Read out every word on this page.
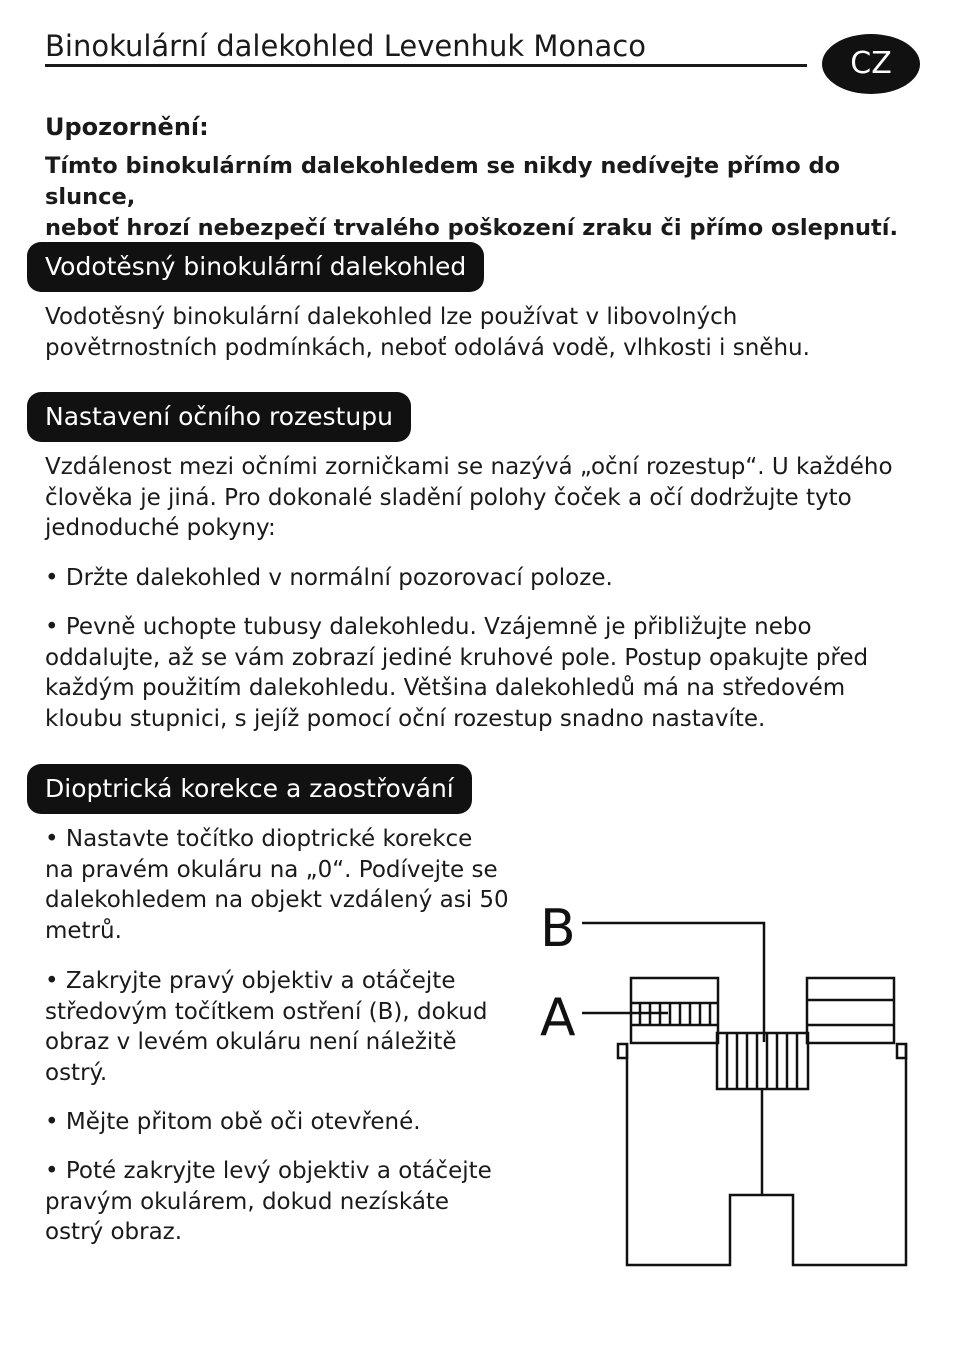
Binokulární dalekohled Levenhuk Monaco	CZ
Upozornění:
Tímto binokulárním dalekohledem se nikdy nedívejte přímo do slunce,
neboť hrozí nebezpečí trvalého poškození zraku či přímo oslepnutí.
Vodotěsný binokulární dalekohled
Vodotěsný binokulární dalekohled lze používat v libovolných
povětrnostních podmínkách, neboť odolává vodě, vlhkosti i sněhu.
Nastavení očního rozestupu
Vzdálenost mezi očními zorničkami se nazývá „oční rozestup“. U každého
člověka je jiná. Pro dokonalé sladění polohy čoček a očí dodržujte tyto
jednoduché pokyny:
• Držte dalekohled v normální pozorovací poloze.
• Pevně uchopte tubusy dalekohledu. Vzájemně je přibližujte nebo
oddalujte, až se vám zobrazí jediné kruhové pole. Postup opakujte před
každým použitím dalekohledu. Většina dalekohledů má na středovém
kloubu stupnici, s jejíž pomocí oční rozestup snadno nastavíte.
Dioptrická korekce a zaostřování
• Nastavte točítko dioptrické korekce
na pravém okuláru na „0“. Podívejte se
dalekohledem na objekt vzdálený asi 50
metrů.
• Zakryjte pravý objektiv a otáčejte
středovým točítkem ostření (B), dokud
obraz v levém okuláru není náležitě
ostrý.
• Mějte přitom obě oči otevřené.
• Poté zakryjte levý objektiv a otáčejte
pravým okulárem, dokud nezískáte
ostrý obraz.
B
A
